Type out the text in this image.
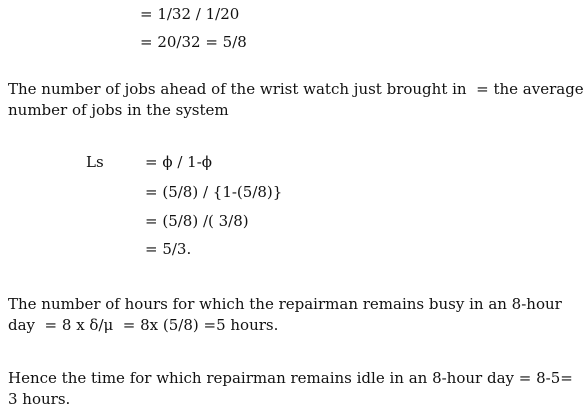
= 1/32 / 1/20

= 20/32 = 5/8

The number of jobs ahead of the wrist watch just brought in  = the average
number of jobs in the system

Ls	= ϕ / 1-ϕ

= (5/8) / {1-(5/8)}

= (5/8) /( 3/8)

= 5/3.

The number of hours for which the repairman remains busy in an 8-hour
day  = 8 x δ/μ  = 8x (5/8) =5 hours.
Hence the time for which repairman remains idle in an 8-hour day = 8-5=
3 hours.
